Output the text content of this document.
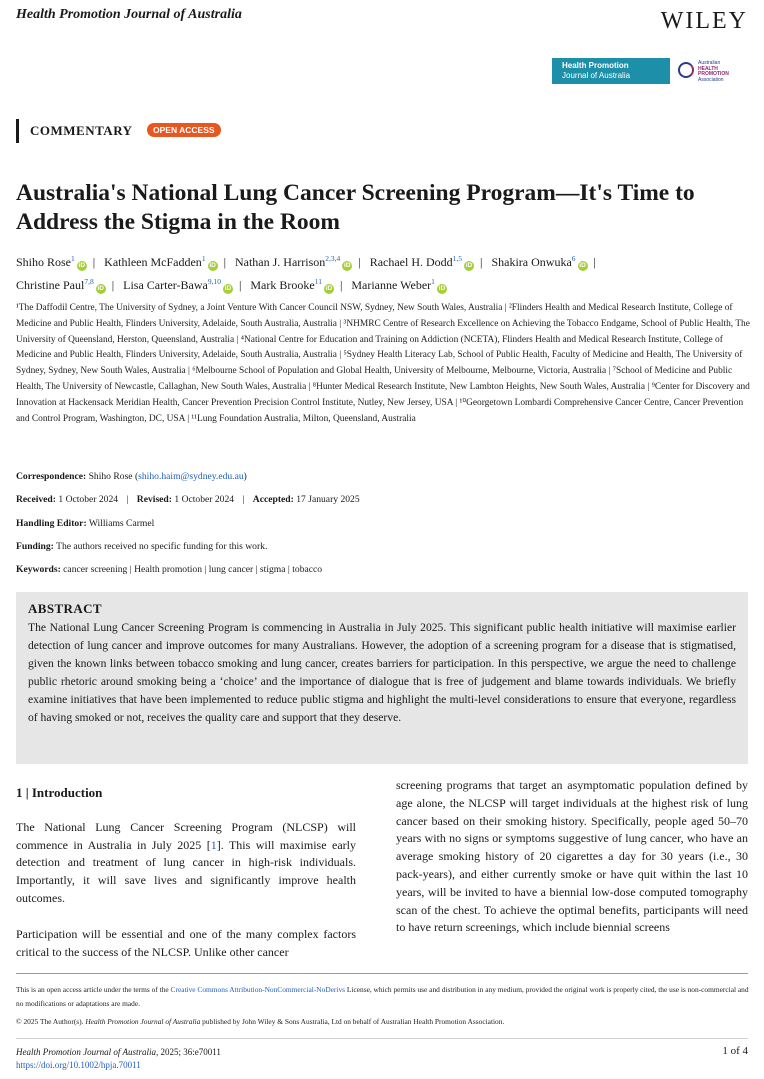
Health Promotion Journal of Australia	WILEY
Health Promotion
Journal of Australia
Australian
HEALTH
PROMOTION
Association
COMMENTARY	OPEN ACCESS
Australia's National Lung Cancer Screening Program—It's Time to Address the Stigma in the Room
Shiho Rose$^1$iD | Kathleen McFadden$^1$iD | Nathan J. Harrison$^{2,3,4}$iD | Rachael H. Dodd$^{1,5}$iD | Shakira Onwuka$^6$iD |
Christine Paul$^{7,8}$iD | Lisa Carter-Bawa$^{9,10}$iD | Mark Brooke$^{11}$iD | Marianne Weber$^1$iD
¹The Daffodil Centre, The University of Sydney, a Joint Venture With Cancer Council NSW, Sydney, New South Wales, Australia | ²Flinders Health and Medical Research Institute, College of Medicine and Public Health, Flinders University, Adelaide, South Australia, Australia | ³NHMRC Centre of Research Excellence on Achieving the Tobacco Endgame, School of Public Health, The University of Queensland, Herston, Queensland, Australia | ⁴National Centre for Education and Training on Addiction (NCETA), Flinders Health and Medical Research Institute, College of Medicine and Public Health, Flinders University, Adelaide, South Australia, Australia | ⁵Sydney Health Literacy Lab, School of Public Health, Faculty of Medicine and Health, The University of Sydney, Sydney, New South Wales, Australia | ⁶Melbourne School of Population and Global Health, University of Melbourne, Melbourne, Victoria, Australia | ⁷School of Medicine and Public Health, The University of Newcastle, Callaghan, New South Wales, Australia | ⁸Hunter Medical Research Institute, New Lambton Heights, New South Wales, Australia | ⁹Center for Discovery and Innovation at Hackensack Meridian Health, Cancer Prevention Precision Control Institute, Nutley, New Jersey, USA | ¹⁰Georgetown Lombardi Comprehensive Cancer Centre, Cancer Prevention and Control Program, Washington, DC, USA | ¹¹Lung Foundation Australia, Milton, Queensland, Australia
Correspondence: Shiho Rose (shiho.haim@sydney.edu.au)
Received: 1 October 2024 | Revised: 1 October 2024 | Accepted: 17 January 2025
Handling Editor: Williams Carmel
Funding: The authors received no specific funding for this work.
Keywords: cancer screening | Health promotion | lung cancer | stigma | tobacco
ABSTRACT
The National Lung Cancer Screening Program is commencing in Australia in July 2025. This significant public health initiative will maximise earlier detection of lung cancer and improve outcomes for many Australians. However, the adoption of a screening program for a disease that is stigmatised, given the known links between tobacco smoking and lung cancer, creates barriers for participation. In this perspective, we argue the need to challenge public rhetoric around smoking being a ‘choice’ and the importance of dialogue that is free of judgement and blame towards individuals. We briefly examine initiatives that have been implemented to reduce public stigma and highlight the multi-level considerations to ensure that everyone, regardless of having smoked or not, receives the quality care and support that they deserve.
1 | Introduction

The National Lung Cancer Screening Program (NLCSP) will commence in Australia in July 2025 [1]. This will maximise early detection and treatment of lung cancer in high-risk individuals. Importantly, it will save lives and significantly improve health outcomes.

Participation will be essential and one of the many complex factors critical to the success of the NLCSP. Unlike other cancer

screening programs that target an asymptomatic population defined by age alone, the NLCSP will target individuals at the highest risk of lung cancer based on their smoking history. Specifically, people aged 50–70 years with no signs or symptoms suggestive of lung cancer, who have an average smoking history of 20 cigarettes a day for 30 years (i.e., 30 pack-years), and either currently smoke or have quit within the last 10 years, will be invited to have a biennial low-dose computed tomography scan of the chest. To achieve the optimal benefits, participants will need to have return screenings, which include biennial screens

This is an open access article under the terms of the Creative Commons Attribution-NonCommercial-NoDerivs License, which permits use and distribution in any medium, provided the original work is properly cited, the use is non-commercial and no modifications or adaptations are made.
© 2025 The Author(s). Health Promotion Journal of Australia published by John Wiley & Sons Australia, Ltd on behalf of Australian Health Promotion Association.
Health Promotion Journal of Australia, 2025; 36:e70011
https://doi.org/10.1002/hpja.70011
1 of 4
